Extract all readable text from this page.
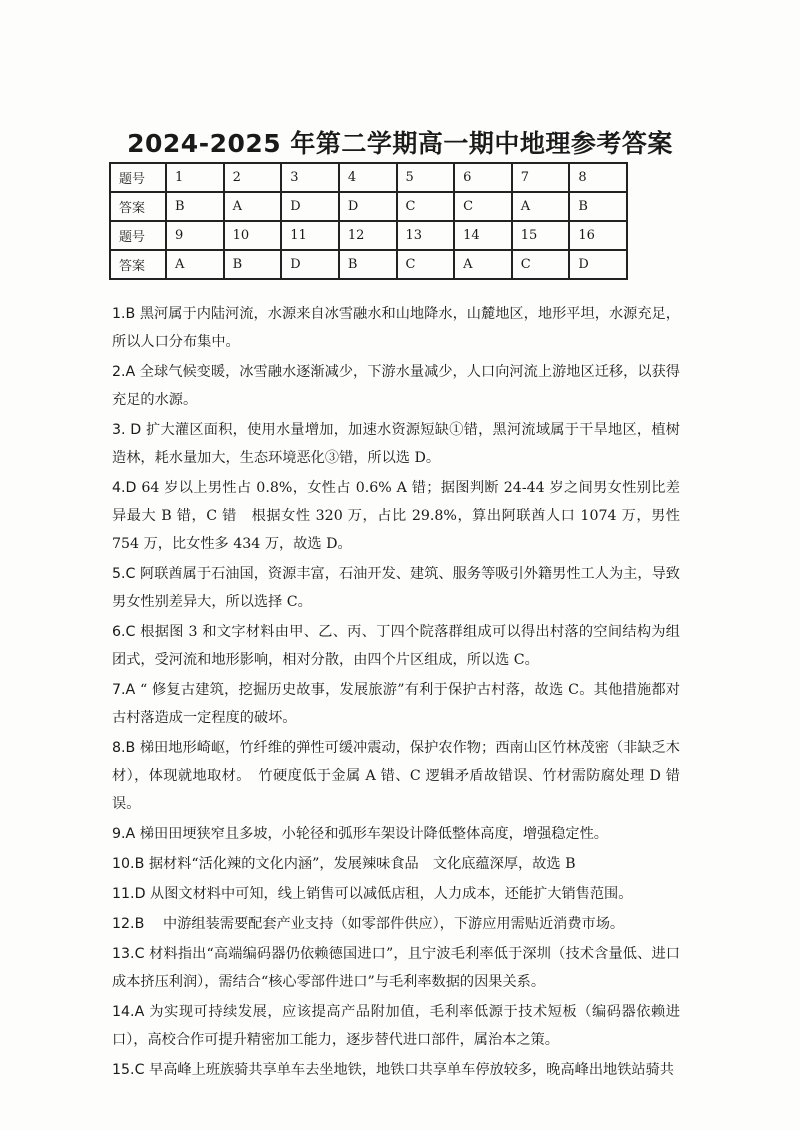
2024-2025 年第二学期高一期中地理参考答案
题号	1	2	3	4	5	6	7	8
答案	B	A	D	D	C	C	A	B
题号	9	10	11	12	13	14	15	16
答案	A	B	D	B	C	A	C	D

1.B 黑河属于内陆河流，水源来自冰雪融水和山地降水，山麓地区，地形平坦，水源充足，所以人口分布集中。

2.A 全球气候变暖，冰雪融水逐渐减少，下游水量减少，人口向河流上游地区迁移，以获得充足的水源。

3. D 扩大灌区面积，使用水量增加，加速水资源短缺①错，黑河流域属于干旱地区，植树造林，耗水量加大，生态环境恶化③错，所以选 D。

4.D 64 岁以上男性占 0.8%，女性占 0.6% A 错；据图判断 24-44 岁之间男女性别比差异最大 B 错，C 错　根据女性 320 万，占比 29.8%，算出阿联酋人口 1074 万，男性 754 万，比女性多 434 万，故选 D。

5.C 阿联酋属于石油国，资源丰富，石油开发、建筑、服务等吸引外籍男性工人为主，导致男女性别差异大，所以选择 C。

6.C 根据图 3 和文字材料由甲、乙、丙、丁四个院落群组成可以得出村落的空间结构为组团式，受河流和地形影响，相对分散，由四个片区组成，所以选 C。

7.A “ 修复古建筑，挖掘历史故事，发展旅游”有利于保护古村落，故选 C。其他措施都对古村落造成一定程度的破坏。

8.B 梯田地形崎岖，竹纤维的弹性可缓冲震动，保护农作物；西南山区竹林茂密（非缺乏木材），体现就地取材。　竹硬度低于金属 A 错、C 逻辑矛盾故错误、竹材需防腐处理 D 错误。

9.A 梯田田埂狭窄且多坡，小轮径和弧形车架设计降低整体高度，增强稳定性。

10.B 据材料“活化辣的文化内涵”，发展辣味食品　文化底蕴深厚，故选 B

11.D 从图文材料中可知，线上销售可以减低店租，人力成本，还能扩大销售范围。

12.B 　中游组装需要配套产业支持（如零部件供应），下游应用需贴近消费市场。

13.C 材料指出“高端编码器仍依赖德国进口”，且宁波毛利率低于深圳（技术含量低、进口成本挤压利润），需结合“核心零部件进口”与毛利率数据的因果关系。

14.A 为实现可持续发展，应该提高产品附加值，毛利率低源于技术短板（编码器依赖进口），高校合作可提升精密加工能力，逐步替代进口部件，属治本之策。

15.C 早高峰上班族骑共享单车去坐地铁，地铁口共享单车停放较多，晚高峰出地铁站骑共
